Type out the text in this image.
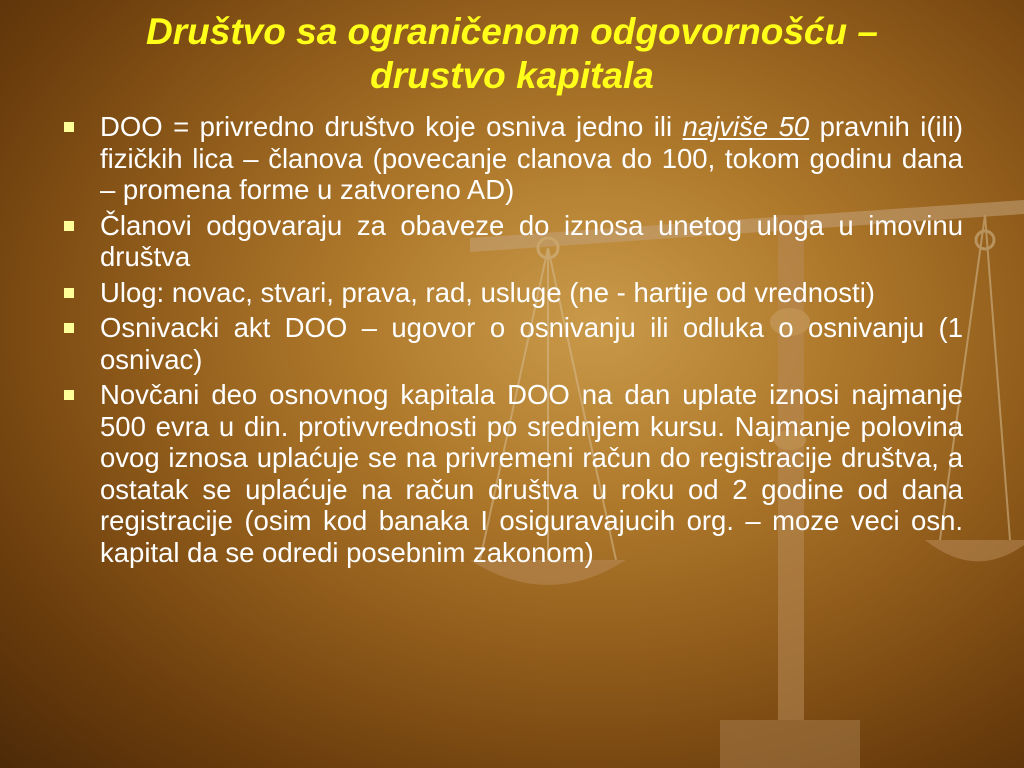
Društvo sa ograničenom odgovornošću –
drustvo kapitala
DOO = privredno društvo koje osniva jedno ili najviše 50 pravnih i(ili) fizičkih lica – članova (povecanje clanova do 100, tokom godinu dana – promena forme u zatvoreno AD)
Članovi odgovaraju za obaveze do iznosa unetog uloga u imovinu društva
Ulog: novac, stvari, prava, rad, usluge (ne - hartije od vrednosti)
Osnivacki akt DOO – ugovor o osnivanju ili odluka o osnivanju (1 osnivac)
Novčani deo osnovnog kapitala DOO na dan uplate iznosi najmanje 500 evra u din. protivvrednosti po srednjem kursu. Najmanje polovina ovog iznosa uplaćuje se na privremeni račun do registracije društva, a ostatak se uplaćuje na račun društva u roku od 2 godine od dana registracije (osim kod banaka I osiguravajucih org. – moze veci osn. kapital da se odredi posebnim zakonom)
